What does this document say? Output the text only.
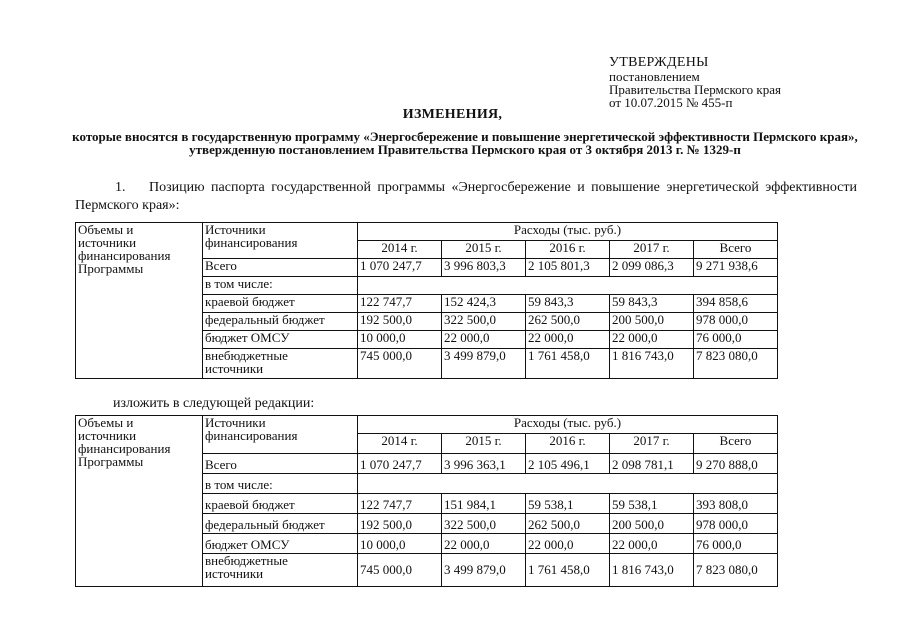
УТВЕРЖДЕНЫ
постановлением
Правительства Пермского края
от 10.07.2015 № 455-п
ИЗМЕНЕНИЯ,
которые вносятся в государственную программу «Энергосбережение и повышение энергетической эффективности Пермского края», утвержденную постановлением Правительства Пермского края от 3 октября 2013 г. № 1329-п
1. Позицию паспорта государственной программы «Энергосбережение и повышение энергетической эффективности Пермского края»:
Объемы и источники финансирования Программы	Источники финансирования	Расходы (тыс. руб.)				
		2014 г.	2015 г.	2016 г.	2017 г.	Всего
	Всего	1 070 247,7	3 996 803,3	2 105 801,3	2 099 086,3	9 271 938,6
	в том числе:					
	краевой бюджет	122 747,7	152 424,3	59 843,3	59 843,3	394 858,6
	федеральный бюджет	192 500,0	322 500,0	262 500,0	200 500,0	978 000,0
	бюджет ОМСУ	10 000,0	22 000,0	22 000,0	22 000,0	76 000,0

	внебюджетные источники	745 000,0	3 499 879,0	1 761 458,0	1 816 743,0	7 823 080,0
изложить в следующей редакции:
Объемы и источники финансирования Программы	Источники финансирования	Расходы (тыс. руб.)				
		2014 г.	2015 г.	2016 г.	2017 г.	Всего
	Всего	1 070 247,7	3 996 363,1	2 105 496,1	2 098 781,1	9 270 888,0
	в том числе:					
	краевой бюджет	122 747,7	151 984,1	59 538,1	59 538,1	393 808,0
	федеральный бюджет	192 500,0	322 500,0	262 500,0	200 500,0	978 000,0
	бюджет ОМСУ	10 000,0	22 000,0	22 000,0	22 000,0	76 000,0

	внебюджетные источники	745 000,0	3 499 879,0	1 761 458,0	1 816 743,0	7 823 080,0
